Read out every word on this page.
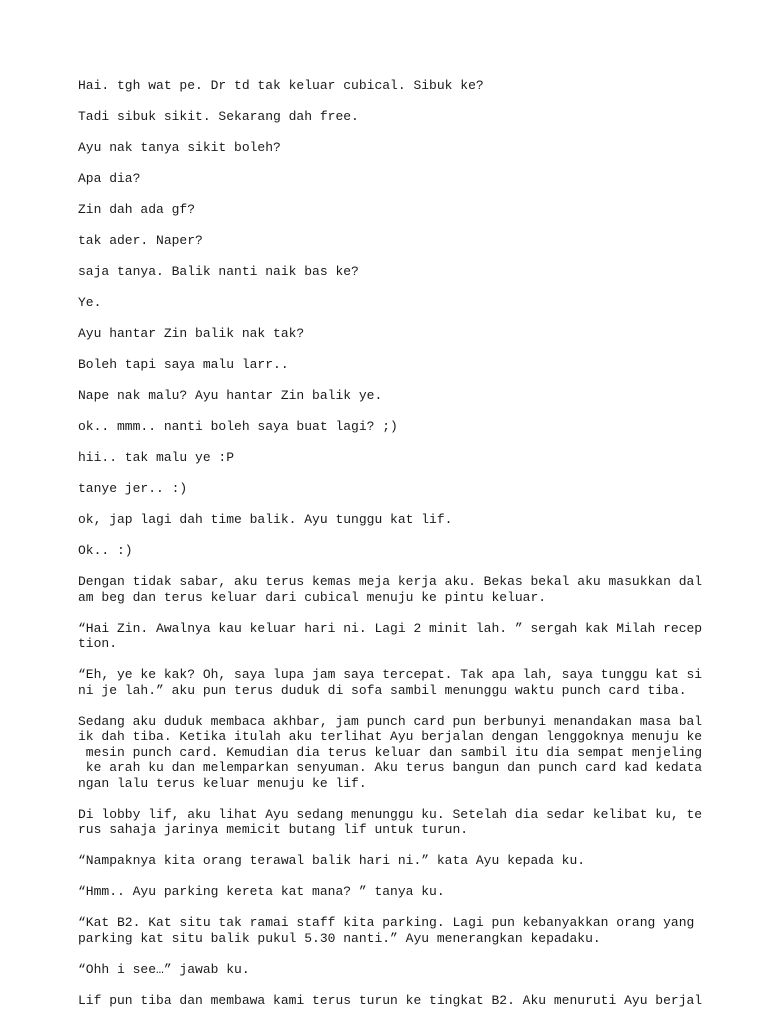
Hai. tgh wat pe. Dr td tak keluar cubical. Sibuk ke?

Tadi sibuk sikit. Sekarang dah free.

Ayu nak tanya sikit boleh?

Apa dia?

Zin dah ada gf?

tak ader. Naper?

saja tanya. Balik nanti naik bas ke?

Ye.

Ayu hantar Zin balik nak tak?

Boleh tapi saya malu larr..

Nape nak malu? Ayu hantar Zin balik ye.

ok.. mmm.. nanti boleh saya buat lagi? ;)

hii.. tak malu ye :P

tanye jer.. :)

ok, jap lagi dah time balik. Ayu tunggu kat lif.

Ok.. :)

Dengan tidak sabar, aku terus kemas meja kerja aku. Bekas bekal aku masukkan dal
am beg dan terus keluar dari cubical menuju ke pintu keluar.

“Hai Zin. Awalnya kau keluar hari ni. Lagi 2 minit lah. ” sergah kak Milah recep
tion.

“Eh, ye ke kak? Oh, saya lupa jam saya tercepat. Tak apa lah, saya tunggu kat si
ni je lah.” aku pun terus duduk di sofa sambil menunggu waktu punch card tiba.

Sedang aku duduk membaca akhbar, jam punch card pun berbunyi menandakan masa bal
ik dah tiba. Ketika itulah aku terlihat Ayu berjalan dengan lenggoknya menuju ke
mesin punch card. Kemudian dia terus keluar dan sambil itu dia sempat menjeling
ke arah ku dan melemparkan senyuman. Aku terus bangun dan punch card kad kedata
ngan lalu terus keluar menuju ke lif.

Di lobby lif, aku lihat Ayu sedang menunggu ku. Setelah dia sedar kelibat ku, te
rus sahaja jarinya memicit butang lif untuk turun.

“Nampaknya kita orang terawal balik hari ni.” kata Ayu kepada ku.

“Hmm.. Ayu parking kereta kat mana? ” tanya ku.

“Kat B2. Kat situ tak ramai staff kita parking. Lagi pun kebanyakkan orang yang
parking kat situ balik pukul 5.30 nanti.” Ayu menerangkan kepadaku.

“Ohh i see…” jawab ku.

Lif pun tiba dan membawa kami terus turun ke tingkat B2. Aku menuruti Ayu berjal
